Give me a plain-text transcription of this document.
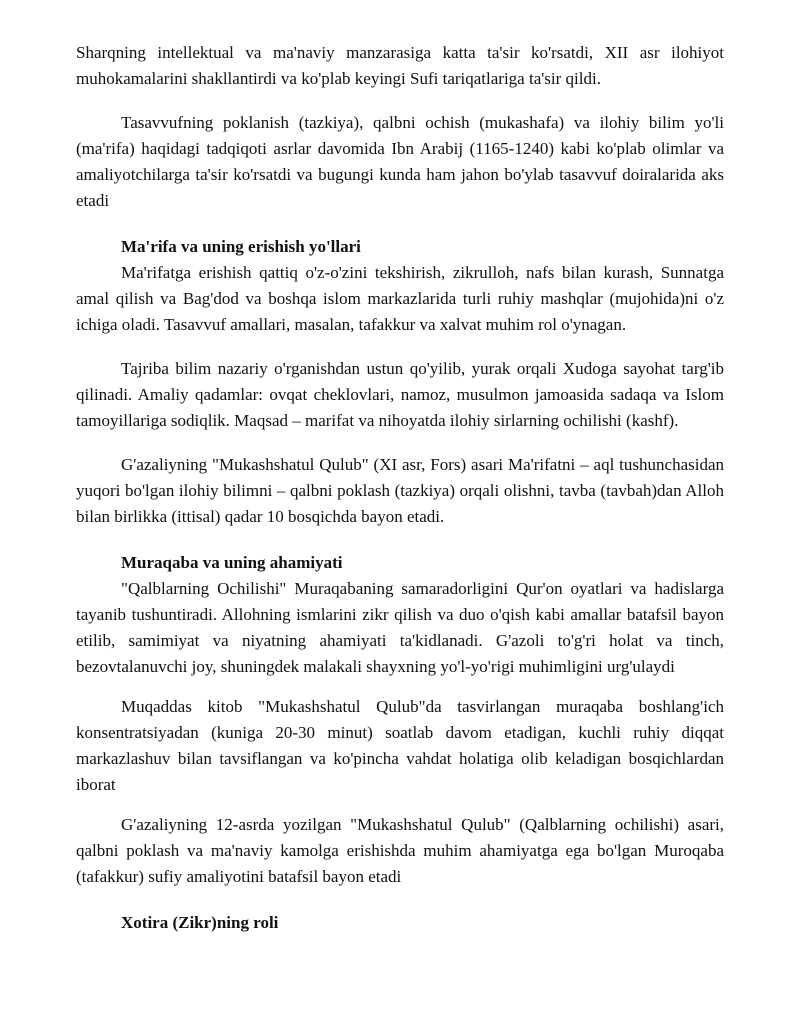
Sharqning intellektual va ma'naviy manzarasiga katta ta'sir ko'rsatdi, XII asr ilohiyot muhokamalarini shakllantirdi va ko'plab keyingi Sufi tariqatlariga ta'sir qildi.

Tasavvufning poklanish (tazkiya), qalbni ochish (mukashafa) va ilohiy bilim yo'li (ma'rifa) haqidagi tadqiqoti asrlar davomida Ibn Arabij (1165-1240) kabi ko'plab olimlar va amaliyotchilarga ta'sir ko'rsatdi va bugungi kunda ham jahon bo'ylab tasavvuf doiralarida aks etadi

Ma'rifa va uning erishish yo'llari

Ma'rifatga erishish qattiq o'z-o'zini tekshirish, zikrulloh, nafs bilan kurash, Sunnatga amal qilish va Bag'dod va boshqa islom markazlarida turli ruhiy mashqlar (mujohida)ni o'z ichiga oladi. Tasavvuf amallari, masalan, tafakkur va xalvat muhim rol o'ynagan.

Tajriba bilim nazariy o'rganishdan ustun qo'yilib, yurak orqali Xudoga sayohat targ'ib qilinadi. Amaliy qadamlar: ovqat cheklovlari, namoz, musulmon jamoasida sadaqa va Islom tamoyillariga sodiqlik. Maqsad – marifat va nihoyatda ilohiy sirlarning ochilishi (kashf).

G'azaliyning "Mukashshatul Qulub" (XI asr, Fors) asari Ma'rifatni – aql tushunchasidan yuqori bo'lgan ilohiy bilimni – qalbni poklash (tazkiya) orqali olishni, tavba (tavbah)dan Alloh bilan birlikka (ittisal) qadar 10 bosqichda bayon etadi.

Muraqaba va uning ahamiyati

"Qalblarning Ochilishi" Muraqabaning samaradorligini Qur'on oyatlari va hadislarga tayanib tushuntiradi. Allohning ismlarini zikr qilish va duo o'qish kabi amallar batafsil bayon etilib, samimiyat va niyatning ahamiyati ta'kidlanadi. G'azoli to'g'ri holat va tinch, bezovtalanuvchi joy, shuningdek malakali shayxning yo'l-yo'rigi muhimligini urg'ulaydi

Muqaddas kitob "Mukashshatul Qulub"da tasvirlangan muraqaba boshlang'ich konsentratsiyadan (kuniga 20-30 minut) soatlab davom etadigan, kuchli ruhiy diqqat markazlashuv bilan tavsiflangan va ko'pincha vahdat holatiga olib keladigan bosqichlardan iborat

G'azaliyning 12-asrda yozilgan "Mukashshatul Qulub" (Qalblarning ochilishi) asari, qalbni poklash va ma'naviy kamolga erishishda muhim ahamiyatga ega bo'lgan Muroqaba (tafakkur) sufiy amaliyotini batafsil bayon etadi

Xotira (Zikr)ning roli
